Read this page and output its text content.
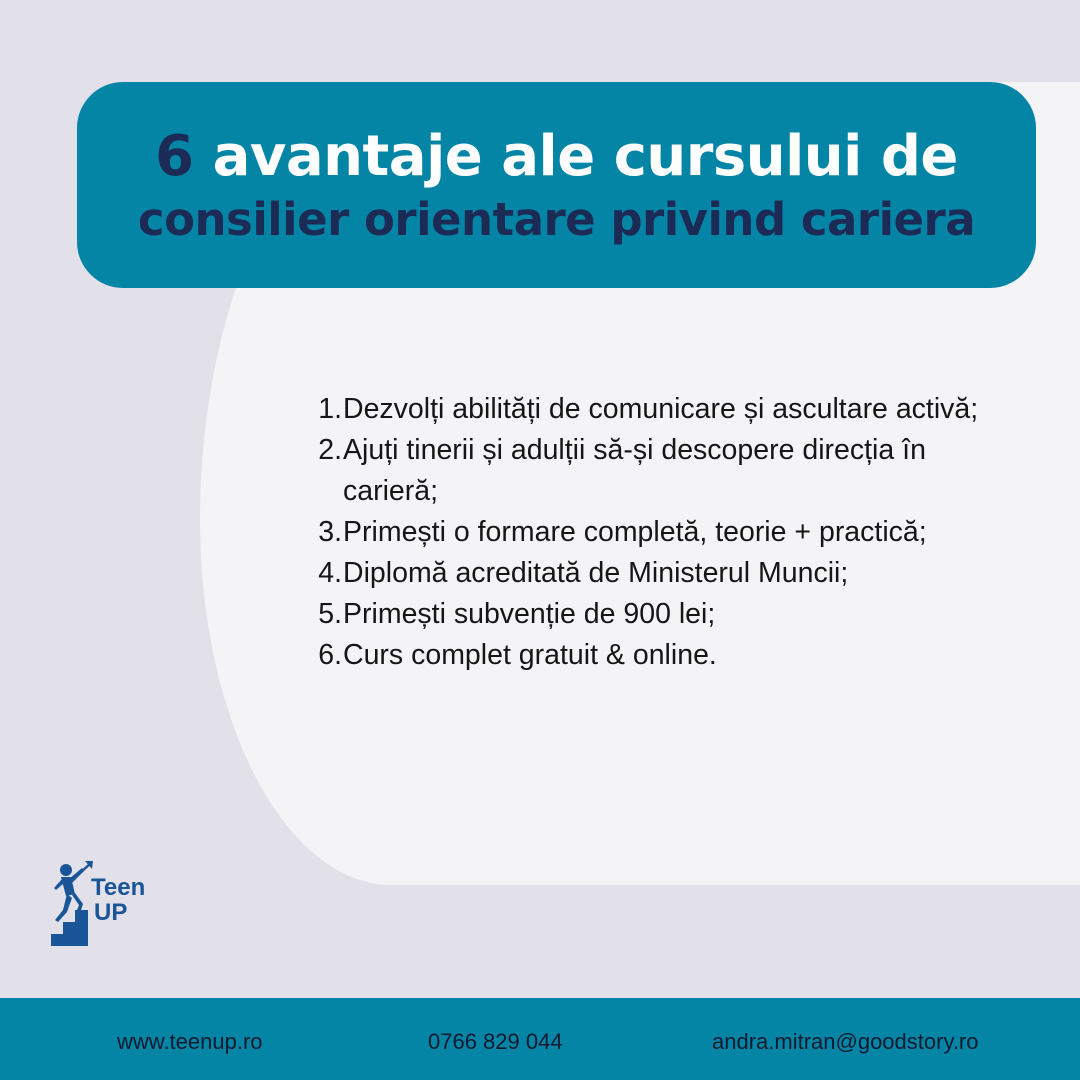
6 avantaje ale cursului de
consilier orientare privind cariera
1. Dezvolți abilități de comunicare și ascultare activă;
2. Ajuți tinerii și adulții să-și descopere direcția în carieră;
3. Primești o formare completă, teorie + practică;
4. Diplomă acreditată de Ministerul Muncii;
5. Primești subvenție de 900 lei;
6. Curs complet gratuit & online.
Teen
UP
www.teenup.ro	0766 829 044	andra.mitran@goodstory.ro
